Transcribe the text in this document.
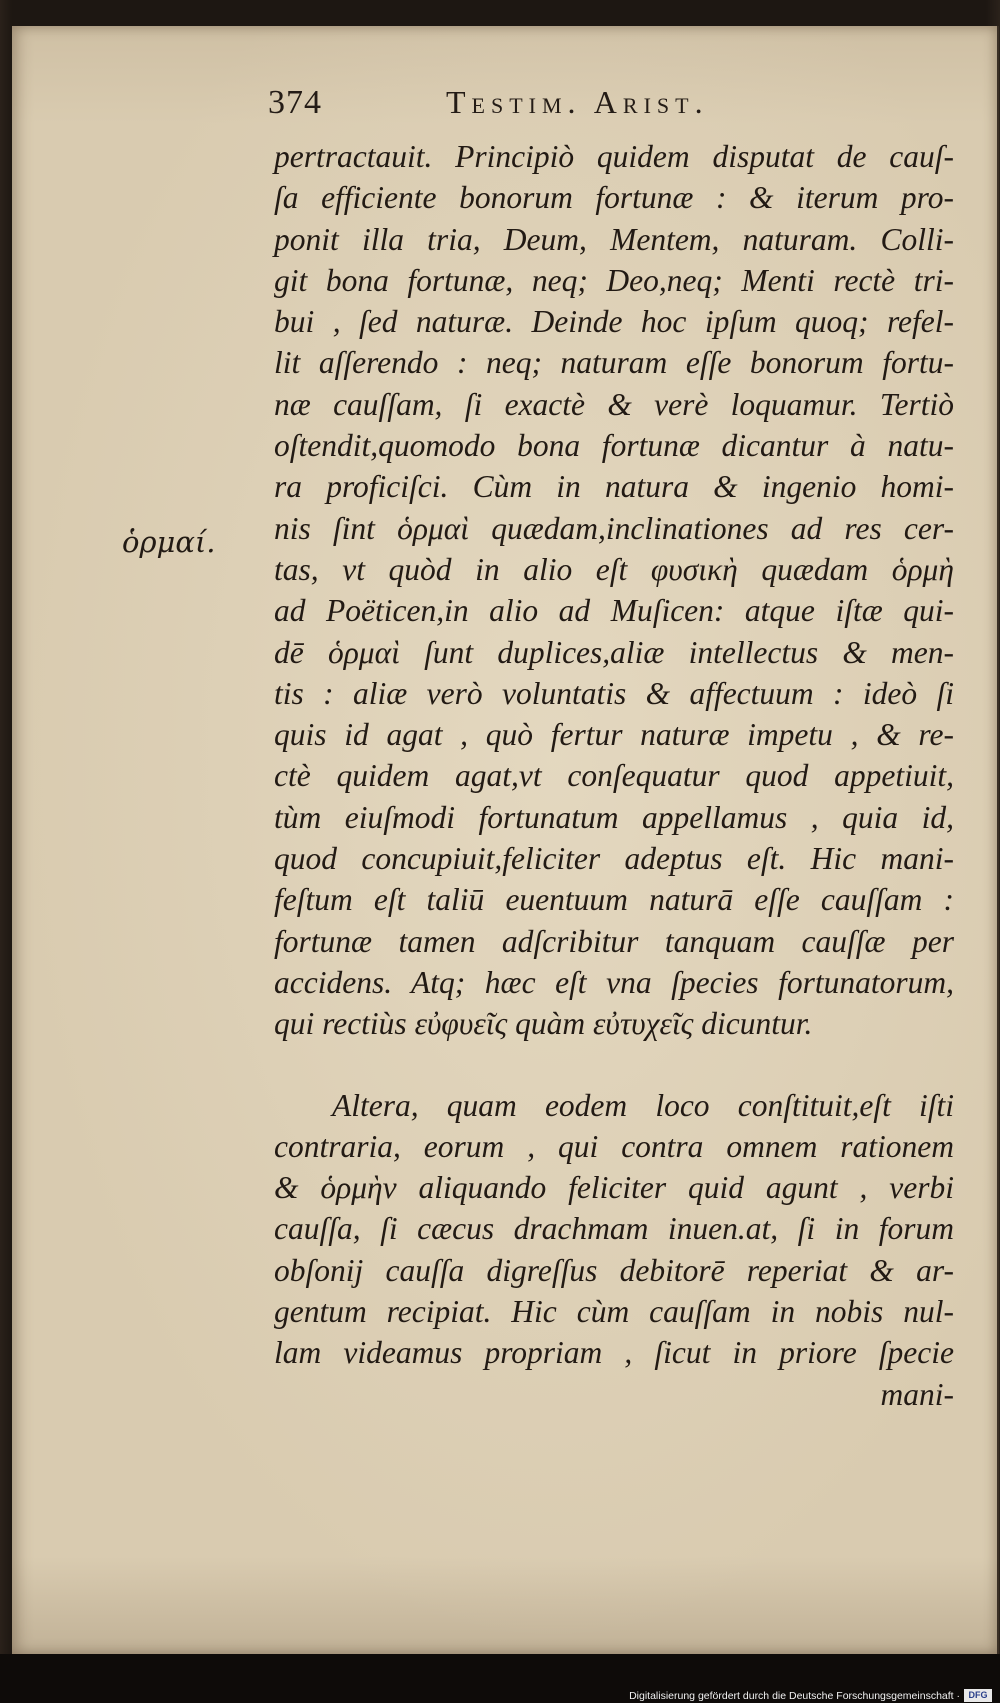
374	Testim. Arist.
ὁρμαί.
pertractauit. Principiò quidem disputat de cauſ-
ſa efficiente bonorum fortunæ : & iterum pro-
ponit illa tria, Deum, Mentem, naturam. Colli-
git bona fortunæ, neq; Deo,neq; Menti rectè tri-
bui , ſed naturæ. Deinde hoc ipſum quoq; refel-
lit aſſerendo : neq; naturam eſſe bonorum fortu-
næ cauſſam, ſi exactè & verè loquamur. Tertiò
oſtendit,quomodo bona fortunæ dicantur à natu-
ra proficiſci. Cùm in natura & ingenio homi-
nis ſint ὁρμαὶ quædam,inclinationes ad res cer-
tas, vt quòd in alio eſt φυσικὴ quædam ὁρμὴ
ad Poëticen,in alio ad Muſicen: atque iſtæ qui-
dē ὁρμαὶ ſunt duplices,aliæ intellectus & men-
tis : aliæ verò voluntatis & affectuum : ideò ſi
quis id agat , quò fertur naturæ impetu , & re-
ctè quidem agat,vt conſequatur quod appetiuit,
tùm eiuſmodi fortunatum appellamus , quia id,
quod concupiuit,feliciter adeptus eſt. Hic mani-
feſtum eſt taliū euentuum naturā eſſe cauſſam :
fortunæ tamen adſcribitur tanquam cauſſæ per
accidens. Atq; hæc eſt vna ſpecies fortunatorum,
qui rectiùs εὐφυεῖς quàm εὐτυχεῖς dicuntur.
Altera, quam eodem loco conſtituit,eſt iſti
contraria, eorum , qui contra omnem rationem
& ὁρμὴν aliquando feliciter quid agunt , verbi
cauſſa, ſi cæcus drachmam inuen.at, ſi in forum
obſonij cauſſa digreſſus debitorē reperiat & ar-
gentum recipiat. Hic cùm cauſſam in nobis nul-
lam videamus propriam , ſicut in priore ſpecie
mani-
Digitalisierung gefördert durch die Deutsche Forschungsgemeinschaft · DFG
